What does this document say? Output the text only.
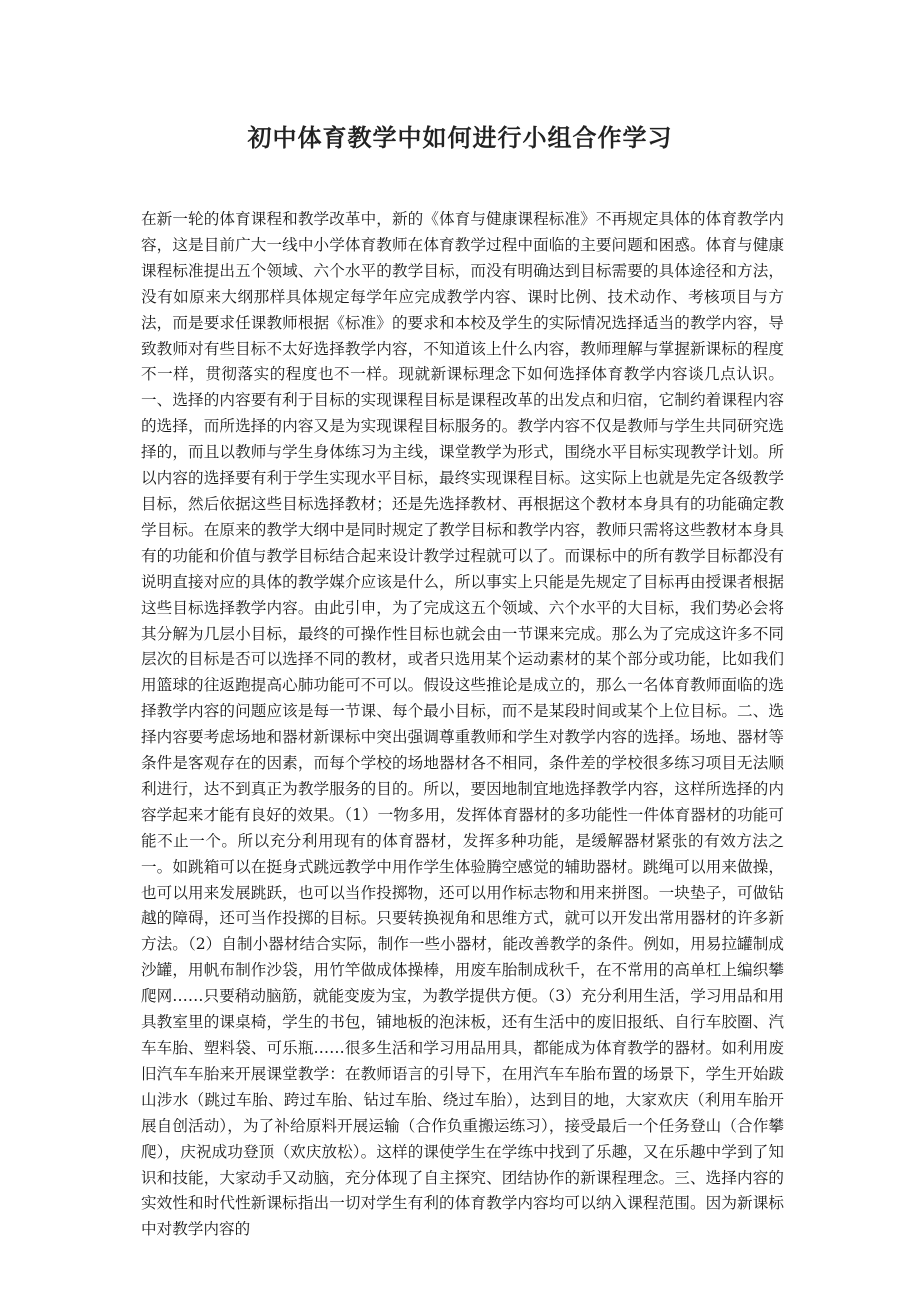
初中体育教学中如何进行小组合作学习
在新一轮的体育课程和教学改革中，新的《体育与健康课程标准》不再规定具体的体育教学内容，这是目前广大一线中小学体育教师在体育教学过程中面临的主要问题和困惑。体育与健康课程标准提出五个领域、六个水平的教学目标，而没有明确达到目标需要的具体途径和方法，没有如原来大纲那样具体规定每学年应完成教学内容、课时比例、技术动作、考核项目与方法，而是要求任课教师根据《标准》的要求和本校及学生的实际情况选择适当的教学内容，导致教师对有些目标不太好选择教学内容，不知道该上什么内容，教师理解与掌握新课标的程度不一样，贯彻落实的程度也不一样。现就新课标理念下如何选择体育教学内容谈几点认识。一、选择的内容要有利于目标的实现课程目标是课程改革的出发点和归宿，它制约着课程内容的选择，而所选择的内容又是为实现课程目标服务的。教学内容不仅是教师与学生共同研究选择的，而且以教师与学生身体练习为主线，课堂教学为形式，围绕水平目标实现教学计划。所以内容的选择要有利于学生实现水平目标，最终实现课程目标。这实际上也就是先定各级教学目标，然后依据这些目标选择教材；还是先选择教材、再根据这个教材本身具有的功能确定教学目标。在原来的教学大纲中是同时规定了教学目标和教学内容，教师只需将这些教材本身具有的功能和价值与教学目标结合起来设计教学过程就可以了。而课标中的所有教学目标都没有说明直接对应的具体的教学媒介应该是什么，所以事实上只能是先规定了目标再由授课者根据这些目标选择教学内容。由此引申，为了完成这五个领域、六个水平的大目标，我们势必会将其分解为几层小目标，最终的可操作性目标也就会由一节课来完成。那么为了完成这许多不同层次的目标是否可以选择不同的教材，或者只选用某个运动素材的某个部分或功能，比如我们用篮球的往返跑提高心肺功能可不可以。假设这些推论是成立的，那么一名体育教师面临的选择教学内容的问题应该是每一节课、每个最小目标，而不是某段时间或某个上位目标。二、选择内容要考虑场地和器材新课标中突出强调尊重教师和学生对教学内容的选择。场地、器材等条件是客观存在的因素，而每个学校的场地器材各不相同，条件差的学校很多练习项目无法顺利进行，达不到真正为教学服务的目的。所以，要因地制宜地选择教学内容，这样所选择的内容学起来才能有良好的效果。（1）一物多用，发挥体育器材的多功能性一件体育器材的功能可能不止一个。所以充分利用现有的体育器材，发挥多种功能，是缓解器材紧张的有效方法之一。如跳箱可以在挺身式跳远教学中用作学生体验腾空感觉的辅助器材。跳绳可以用来做操，也可以用来发展跳跃，也可以当作投掷物，还可以用作标志物和用来拼图。一块垫子，可做钻越的障碍，还可当作投掷的目标。只要转换视角和思维方式，就可以开发出常用器材的许多新方法。（2）自制小器材结合实际，制作一些小器材，能改善教学的条件。例如，用易拉罐制成沙罐，用帆布制作沙袋，用竹竿做成体操棒，用废车胎制成秋千，在不常用的高单杠上编织攀爬网……只要稍动脑筋，就能变废为宝，为教学提供方便。（3）充分利用生活，学习用品和用具教室里的课桌椅，学生的书包，铺地板的泡沫板，还有生活中的废旧报纸、自行车胶圈、汽车车胎、塑料袋、可乐瓶……很多生活和学习用品用具，都能成为体育教学的器材。如利用废旧汽车车胎来开展课堂教学：在教师语言的引导下，在用汽车车胎布置的场景下，学生开始跋山涉水（跳过车胎、跨过车胎、钻过车胎、绕过车胎），达到目的地，大家欢庆（利用车胎开展自创活动），为了补给原料开展运输（合作负重搬运练习），接受最后一个任务登山（合作攀爬），庆祝成功登顶（欢庆放松）。这样的课使学生在学练中找到了乐趣，又在乐趣中学到了知识和技能，大家动手又动脑，充分体现了自主探究、团结协作的新课程理念。三、选择内容的实效性和时代性新课标指出一切对学生有利的体育教学内容均可以纳入课程范围。因为新课标中对教学内容的
